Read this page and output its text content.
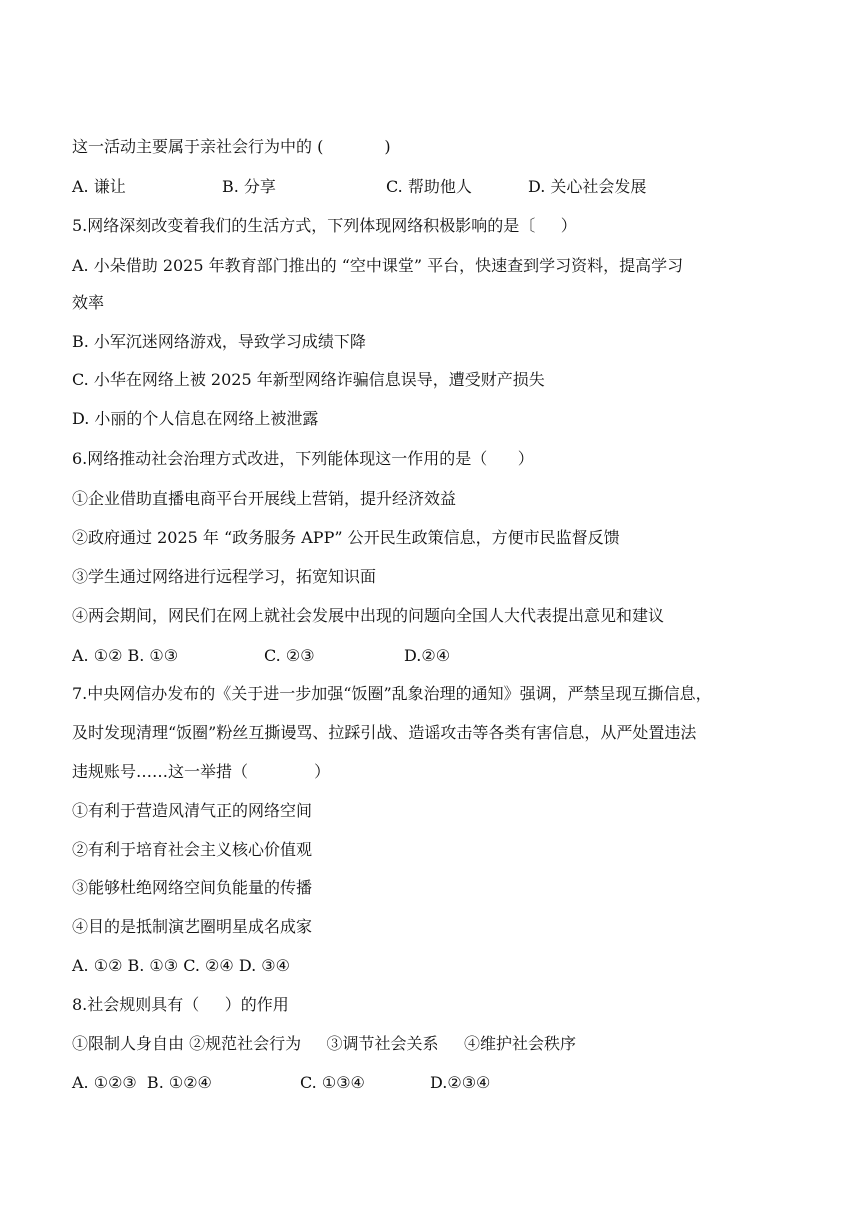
这一活动主要属于亲社会行为中的 (            )
A. 谦让	B. 分享	C. 帮助他人	D. 关心社会发展
5.网络深刻改变着我们的生活方式，下列体现网络积极影响的是〔     ）
A. 小朵借助 2025 年教育部门推出的 “空中课堂” 平台，快速查到学习资料，提高学习
效率
B. 小军沉迷网络游戏，导致学习成绩下降
C. 小华在网络上被 2025 年新型网络诈骗信息误导，遭受财产损失
D. 小丽的个人信息在网络上被泄露
6.网络推动社会治理方式改进，下列能体现这一作用的是（      ）
①企业借助直播电商平台开展线上营销，提升经济效益
②政府通过 2025 年 “政务服务 APP” 公开民生政策信息，方便市民监督反馈
③学生通过网络进行远程学习，拓宽知识面
④两会期间，网民们在网上就社会发展中出现的问题向全国人大代表提出意见和建议
A. ①② B. ①③	C. ②③	D.②④
7.中央网信办发布的《关于进一步加强“饭圈”乱象治理的通知》强调，严禁呈现互撕信息，
及时发现清理“饭圈”粉丝互撕谩骂、拉踩引战、造谣攻击等各类有害信息，从严处置违法
违规账号……这一举措（             ）
①有利于营造风清气正的网络空间
②有利于培育社会主义核心价值观
③能够杜绝网络空间负能量的传播
④目的是抵制演艺圈明星成名成家
A. ①② B. ①③ C. ②④ D. ③④
8.社会规则具有（     ）的作用
①限制人身自由 ②规范社会行为     ③调节社会关系     ④维护社会秩序
A. ①②③  B. ①②④	C. ①③④	D.②③④
